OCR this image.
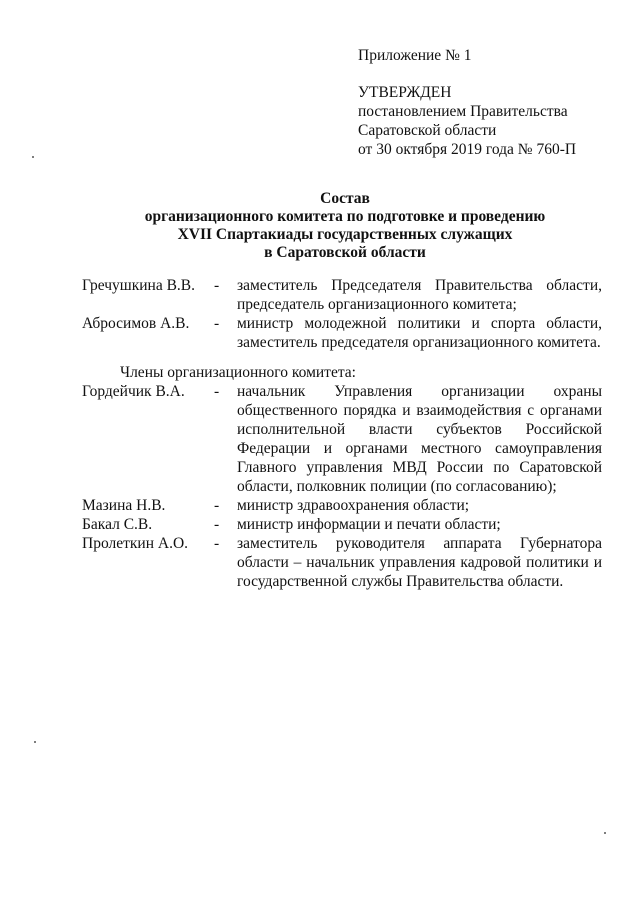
Приложение № 1
УТВЕРЖДЕН
постановлением Правительства
Саратовской области
от 30 октября 2019 года № 760-П
Состав
организационного комитета по подготовке и проведению
XVII Спартакиады государственных служащих
в Саратовской области
Гречушкина В.В. - заместитель Председателя Правительства области, председатель организационного комитета;
Абросимов А.В. - министр молодежной политики и спорта области, заместитель председателя организационного комитета.
Члены организационного комитета:
Гордейчик В.А. - начальник Управления организации охраны общественного порядка и взаимодействия с органами исполнительной власти субъектов Российской Федерации и органами местного самоуправления Главного управления МВД России по Саратовской области, полковник полиции (по согласованию);
Мазина Н.В.	- министр здравоохранения области;
Бакал С.В.	- министр информации и печати области;
Пролеткин А.О. - заместитель руководителя аппарата Губернатора области – начальник управления кадровой политики и государственной службы Правительства области.
